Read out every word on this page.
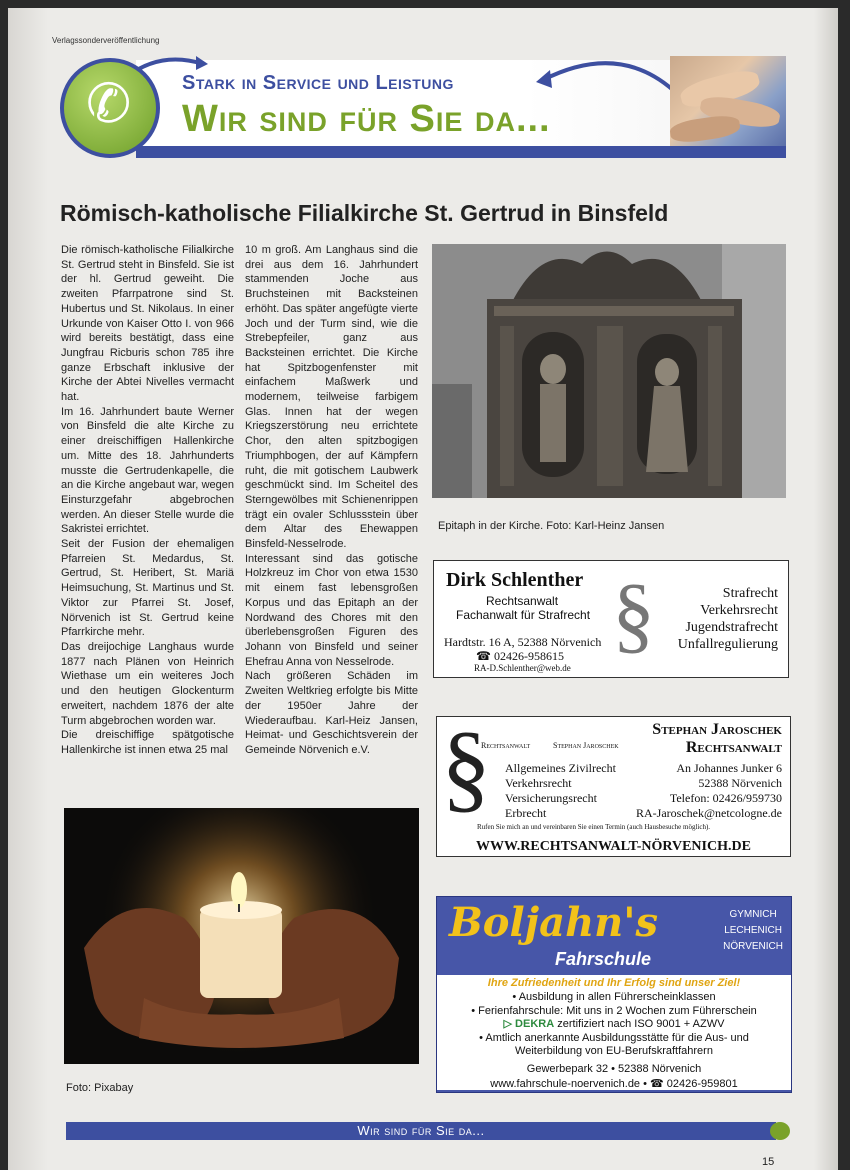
Verlagssonderveröffentlichung
✆	Stark in Service und Leistung
Wir sind für Sie da...
Römisch-katholische Filialkirche St. Gertrud in Binsfeld

Die römisch-katholische Filialkirche St. Gertrud steht in Binsfeld. Sie ist der hl. Gertrud geweiht. Die zweiten Pfarrpatrone sind St. Hubertus und St. Nikolaus. In einer Urkunde von Kaiser Otto I. von 966 wird bereits bestätigt, dass eine Jungfrau Ricburis schon 785 ihre ganze Erbschaft inklusive der Kirche der Abtei Nivelles vermacht hat.

Im 16. Jahrhundert baute Werner von Binsfeld die alte Kirche zu einer dreischiffigen Hallenkirche um. Mitte des 18. Jahrhunderts musste die Gertrudenkapelle, die an die Kirche angebaut war, wegen Einsturzgefahr abgebrochen werden. An dieser Stelle wurde die Sakristei errichtet.

Seit der Fusion der ehemaligen Pfarreien St. Medardus, St. Gertrud, St. Heribert, St. Mariä Heimsuchung, St. Martinus und St. Viktor zur Pfarrei St. Josef, Nörvenich ist St. Gertrud keine Pfarrkirche mehr.

Das dreijochige Langhaus wurde 1877 nach Plänen von Heinrich Wiethase um ein weiteres Joch und den heutigen Glockenturm erweitert, nachdem 1876 der alte Turm abgebrochen worden war.

Die dreischiffige spätgotische Hallenkirche ist innen etwa 25 mal

10 m groß. Am Langhaus sind die drei aus dem 16. Jahrhundert stammenden Joche aus Bruchsteinen mit Backsteinen erhöht. Das später angefügte vierte Joch und der Turm sind, wie die Strebepfeiler, ganz aus Backsteinen errichtet. Die Kirche hat Spitzbogenfenster mit einfachem Maßwerk und modernem, teilweise farbigem Glas. Innen hat der wegen Kriegszerstörung neu errichtete Chor, den alten spitzbogigen Triumphbogen, der auf Kämpfern ruht, die mit gotischem Laubwerk geschmückt sind. Im Scheitel des Sterngewölbes mit Schienenrippen trägt ein ovaler Schlussstein über dem Altar des Ehewappen Binsfeld-Nesselrode.

Interessant sind das gotische Holzkreuz im Chor von etwa 1530 mit einem fast lebensgroßen Korpus und das Epitaph an der Nordwand des Chores mit den überlebensgroßen Figuren des Johann von Binsfeld und seiner Ehefrau Anna von Nesselrode.

Nach größeren Schäden im Zweiten Weltkrieg erfolgte bis Mitte der 1950er Jahre der Wiederaufbau. Karl-Heiz Jansen, Heimat- und Geschichtsverein der Gemeinde Nörvenich e.V.

Epitaph in der Kirche. Foto: Karl-Heinz Jansen
Foto: Pixabay
Dirk Schlenther
Rechtsanwalt
Fachanwalt für Strafrecht §
Hardtstr. 16 A, 52388 Nörvenich
☎ 02426-958615
RA-D.Schlenther@web.de
Strafrecht
Verkehrsrecht
Jugendstrafrecht
Unfallregulierung
Stephan Jaroschek
Rechtsanwalt
§
Rechtsanwalt	Stephan Jaroschek
Allgemeines Zivilrecht
Verkehrsrecht
Versicherungsrecht
Erbrecht
An Johannes Junker 6
52388 Nörvenich
Telefon: 02426/959730
RA-Jaroschek@netcologne.de
Rufen Sie mich an und vereinbaren Sie einen Termin (auch Hausbesuche möglich).
WWW.RECHTSANWALT-NÖRVENICH.DE
Boljahn's
Fahrschule
GYMNICH
LECHENICH
NÖRVENICH
Ihre Zufriedenheit und Ihr Erfolg sind unser Ziel!
• Ausbildung in allen Führerscheinklassen
• Ferienfahrschule: Mit uns in 2 Wochen zum Führerschein
▷ DEKRA zertifiziert nach ISO 9001 + AZWV
• Amtlich anerkannte Ausbildungsstätte für die Aus- und
Weiterbildung von EU-Berufskraftfahrern
Gewerbepark 32 • 52388 Nörvenich
www.fahrschule-noervenich.de • ☎ 02426-959801
Wir sind für Sie da...
15
